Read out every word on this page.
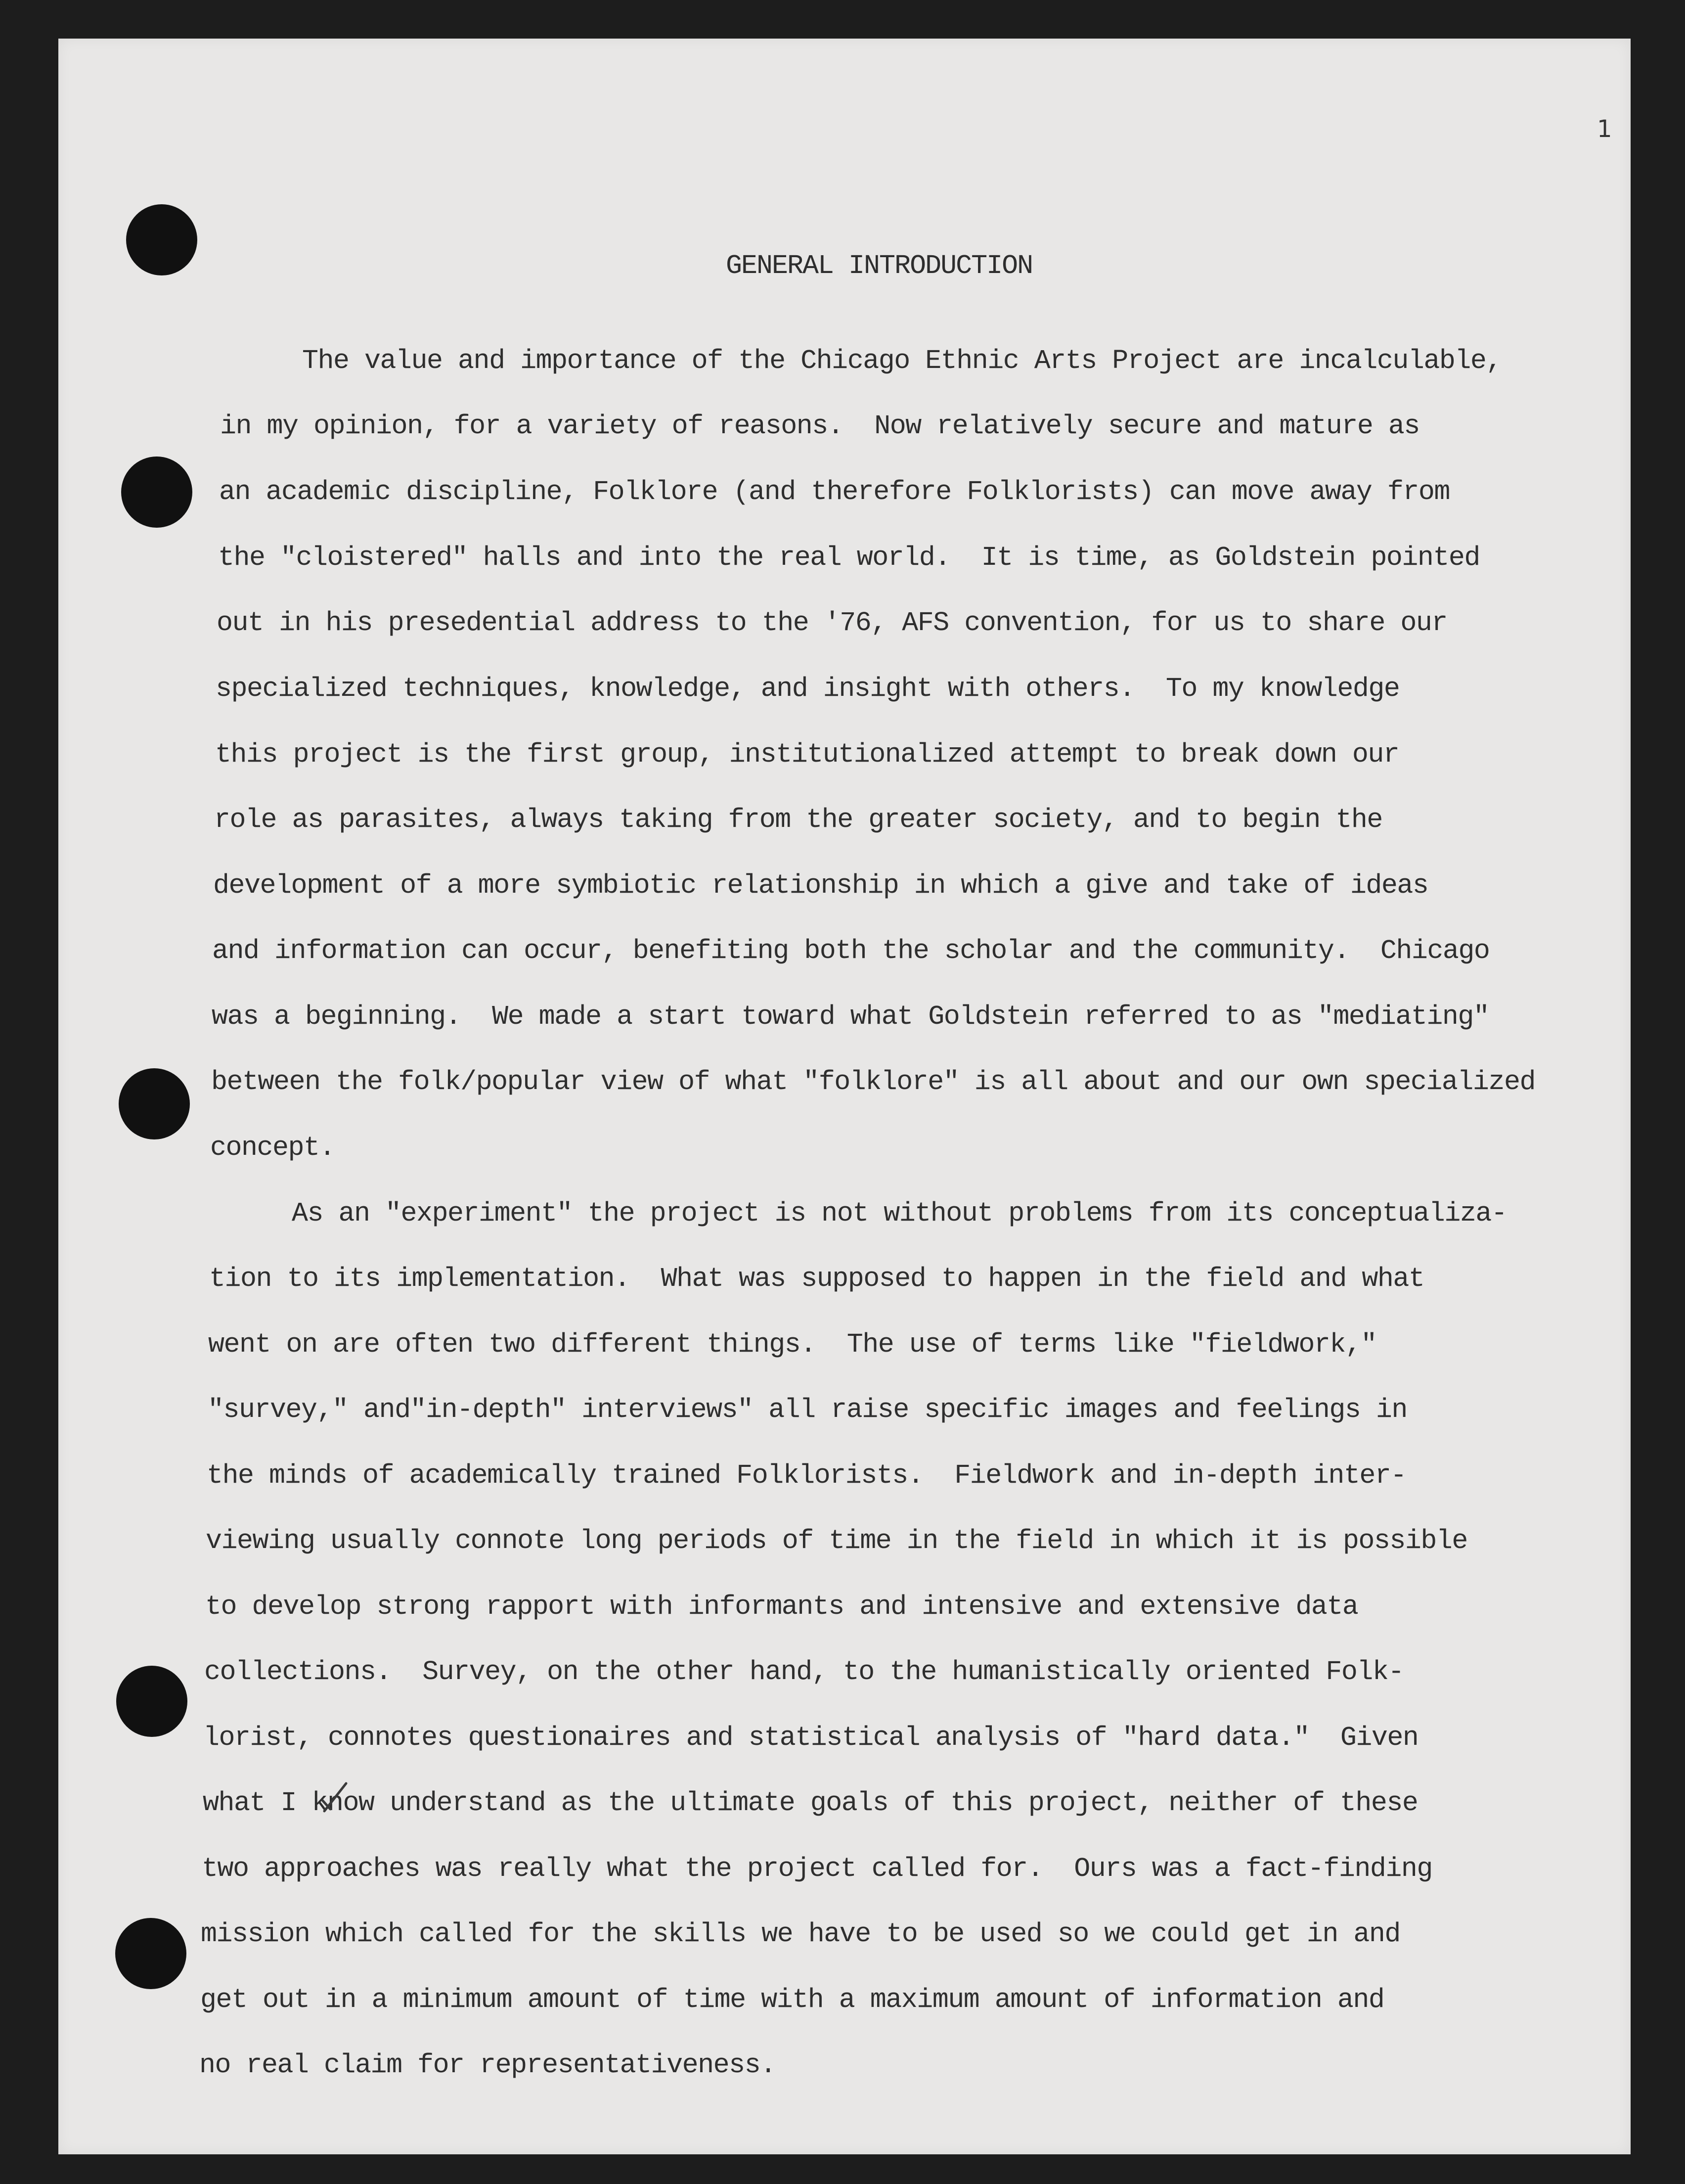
1
GENERAL INTRODUCTION
The value and importance of the Chicago Ethnic Arts Project are incalculable,
in my opinion, for a variety of reasons.  Now relatively secure and mature as
an academic discipline, Folklore (and therefore Folklorists) can move away from
the "cloistered" halls and into the real world.  It is time, as Goldstein pointed
out in his presedential address to the '76, AFS convention, for us to share our
specialized techniques, knowledge, and insight with others.  To my knowledge
this project is the first group, institutionalized attempt to break down our
role as parasites, always taking from the greater society, and to begin the
development of a more symbiotic relationship in which a give and take of ideas
and information can occur, benefiting both the scholar and the community.  Chicago
was a beginning.  We made a start toward what Goldstein referred to as "mediating"
between the folk/popular view of what "folklore" is all about and our own specialized
concept.
As an "experiment" the project is not without problems from its conceptualiza-
tion to its implementation.  What was supposed to happen in the field and what
went on are often two different things.  The use of terms like "fieldwork,"
"survey," and"in-depth" interviews" all raise specific images and feelings in
the minds of academically trained Folklorists.  Fieldwork and in-depth inter-
viewing usually connote long periods of time in the field in which it is possible
to develop strong rapport with informants and intensive and extensive data
collections.  Survey, on the other hand, to the humanistically oriented Folk-
lorist, connotes questionaires and statistical analysis of "hard data."  Given
what I know understand as the ultimate goals of this project, neither of these
two approaches was really what the project called for.  Ours was a fact-finding
mission which called for the skills we have to be used so we could get in and
get out in a minimum amount of time with a maximum amount of information and
no real claim for representativeness.
